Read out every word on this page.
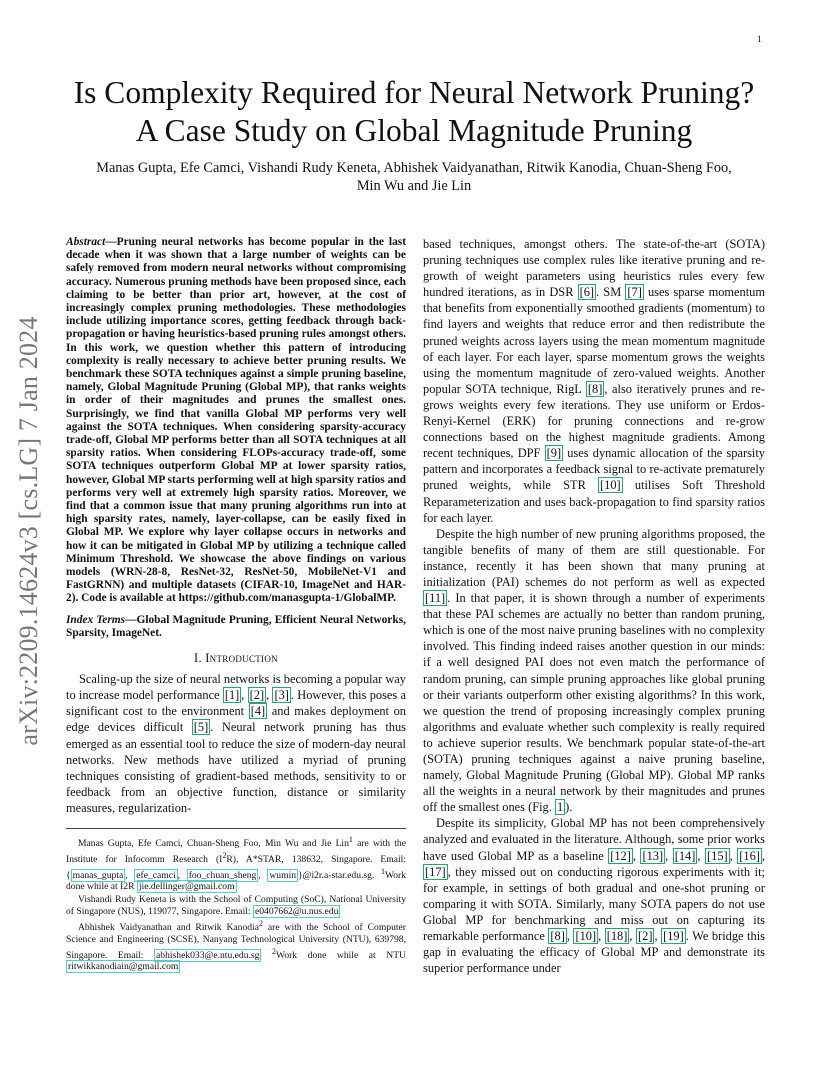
1
arXiv:2209.14624v3 [cs.LG] 7 Jan 2024
Is Complexity Required for Neural Network Pruning?
A Case Study on Global Magnitude Pruning

Manas Gupta, Efe Camci, Vishandi Rudy Keneta, Abhishek Vaidyanathan, Ritwik Kanodia, Chuan-Sheng Foo,
Min Wu and Jie Lin

Abstract—Pruning neural networks has become popular in the last decade when it was shown that a large number of weights can be safely removed from modern neural networks without compromising accuracy. Numerous pruning methods have been proposed since, each claiming to be better than prior art, however, at the cost of increasingly complex pruning methodologies. These methodologies include utilizing importance scores, getting feedback through back-propagation or having heuristics-based pruning rules amongst others. In this work, we question whether this pattern of introducing complexity is really necessary to achieve better pruning results. We benchmark these SOTA techniques against a simple pruning baseline, namely, Global Magnitude Pruning (Global MP), that ranks weights in order of their magnitudes and prunes the smallest ones. Surprisingly, we find that vanilla Global MP performs very well against the SOTA techniques. When considering sparsity-accuracy trade-off, Global MP performs better than all SOTA techniques at all sparsity ratios. When considering FLOPs-accuracy trade-off, some SOTA techniques outperform Global MP at lower sparsity ratios, however, Global MP starts performing well at high sparsity ratios and performs very well at extremely high sparsity ratios. Moreover, we find that a common issue that many pruning algorithms run into at high sparsity rates, namely, layer-collapse, can be easily fixed in Global MP. We explore why layer collapse occurs in networks and how it can be mitigated in Global MP by utilizing a technique called Minimum Threshold. We showcase the above findings on various models (WRN-28-8, ResNet-32, ResNet-50, MobileNet-V1 and FastGRNN) and multiple datasets (CIFAR-10, ImageNet and HAR-2). Code is available at https://github.com/manasgupta-1/GlobalMP.

Index Terms—Global Magnitude Pruning, Efficient Neural Networks, Sparsity, ImageNet.

I. Introduction

Scaling-up the size of neural networks is becoming a popular way to increase model performance [1] , [2] , [3] . However, this poses a significant cost to the environment [4] and makes deployment on edge devices difficult [5] . Neural network pruning has thus emerged as an essential tool to reduce the size of modern-day neural networks. New methods have utilized a myriad of pruning techniques consisting of gradient-based methods, sensitivity to or feedback from an objective function, distance or similarity measures, regularization-

Manas Gupta, Efe Camci, Chuan-Sheng Foo, Min Wu and Jie Lin$^1$ are with the Institute for Infocomm Research $(I^2R)$, A*STAR, 138632, Singapore. Email: { manas_gupta , efe_camci , foo_chuan_sheng , wumin }@i2r.a-star.edu.sg. $^1$Work done while at I2R jie.dellinger@gmail.com

Vishandi Rudy Keneta is with the School of Computing (SoC), National University of Singapore (NUS), 119077, Singapore. Email: e0407662@u.nus.edu

Abhishek Vaidyanathan and Ritwik Kanodia$^2$ are with the School of Computer Science and Engineering (SCSE), Nanyang Technological University (NTU), 639798, Singapore. Email: abhishek033@e.ntu.edu.sg $^2$Work done while at NTU ritwikkanodiain@gmail.com

based techniques, amongst others. The state-of-the-art (SOTA) pruning techniques use complex rules like iterative pruning and re-growth of weight parameters using heuristics rules every few hundred iterations, as in DSR [6] . SM [7] uses sparse momentum that benefits from exponentially smoothed gradients (momentum) to find layers and weights that reduce error and then redistribute the pruned weights across layers using the mean momentum magnitude of each layer. For each layer, sparse momentum grows the weights using the momentum magnitude of zero-valued weights. Another popular SOTA technique, RigL [8] , also iteratively prunes and re-grows weights every few iterations. They use uniform or Erdos-Renyi-Kernel (ERK) for pruning connections and re-grow connections based on the highest magnitude gradients. Among recent techniques, DPF [9] uses dynamic allocation of the sparsity pattern and incorporates a feedback signal to re-activate prematurely pruned weights, while STR [10] utilises Soft Threshold Reparameterization and uses back-propagation to find sparsity ratios for each layer.

Despite the high number of new pruning algorithms proposed, the tangible benefits of many of them are still questionable. For instance, recently it has been shown that many pruning at initialization (PAI) schemes do not perform as well as expected [11] . In that paper, it is shown through a number of experiments that these PAI schemes are actually no better than random pruning, which is one of the most naive pruning baselines with no complexity involved. This finding indeed raises another question in our minds: if a well designed PAI does not even match the performance of random pruning, can simple pruning approaches like global pruning or their variants outperform other existing algorithms? In this work, we question the trend of proposing increasingly complex pruning algorithms and evaluate whether such complexity is really required to achieve superior results. We benchmark popular state-of-the-art (SOTA) pruning techniques against a naive pruning baseline, namely, Global Magnitude Pruning (Global MP). Global MP ranks all the weights in a neural network by their magnitudes and prunes off the smallest ones (Fig. 1 ).

Despite its simplicity, Global MP has not been comprehensively analyzed and evaluated in the literature. Although, some prior works have used Global MP as a baseline [12] , [13] , [14] , [15] , [16] , [17] , they missed out on conducting rigorous experiments with it; for example, in settings of both gradual and one-shot pruning or comparing it with SOTA. Similarly, many SOTA papers do not use Global MP for benchmarking and miss out on capturing its remarkable performance [8] , [10] , [18] , [2] , [19] . We bridge this gap in evaluating the efficacy of Global MP and demonstrate its superior performance under
